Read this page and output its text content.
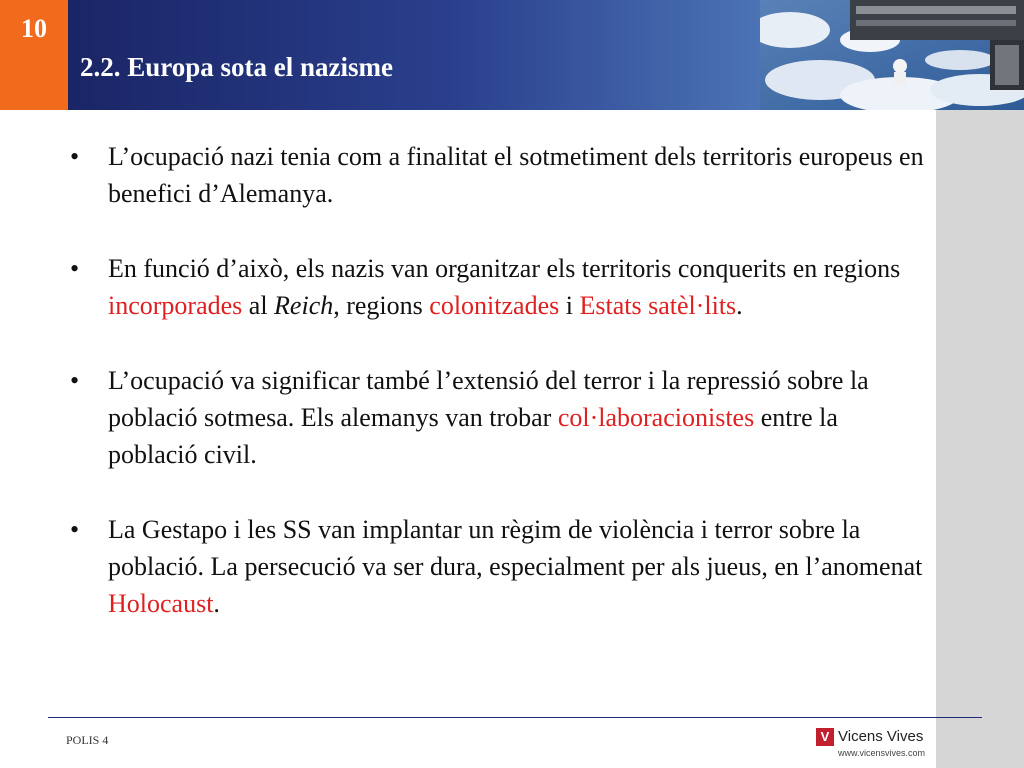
10
2.2. Europa sota el nazisme
• L’ocupació nazi tenia com a finalitat el sotmetiment dels territoris europeus en benefici d’Alemanya.
• En funció d’això, els nazis van organitzar els territoris conquerits en regions incorporades al Reich, regions colonitzades i Estats satèl·lits.
• L’ocupació va significar també l’extensió del terror i la repressió sobre la població sotmesa. Els alemanys van trobar col·laboracionistes entre la població civil.
• La Gestapo i les SS van implantar un règim de violència i terror sobre la població. La persecució va ser dura, especialment per als jueus, en l’anomenat Holocaust.
POLIS 4	V Vicens Vives
www.vicensvives.com
